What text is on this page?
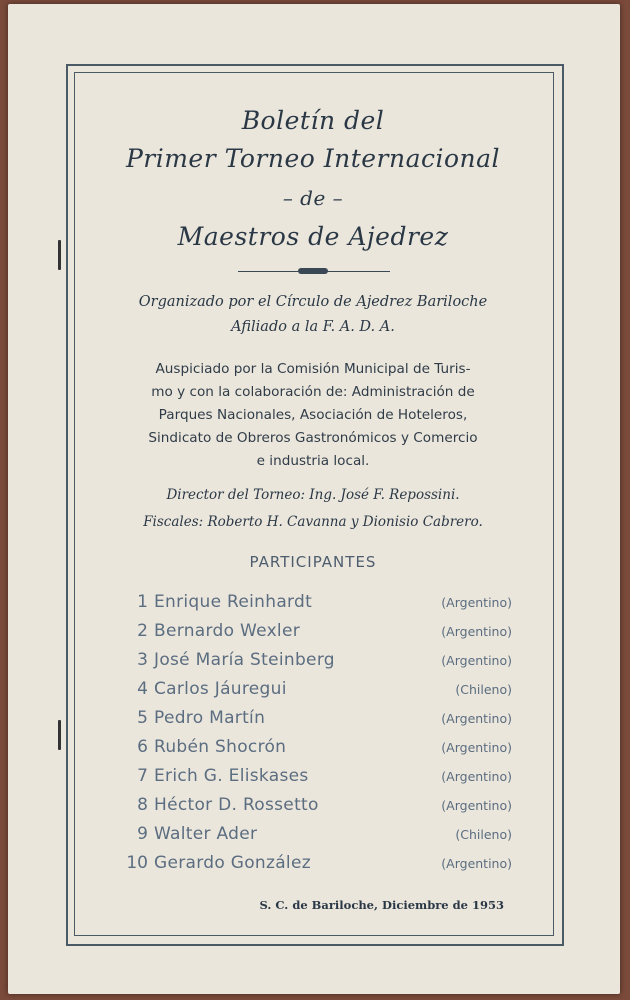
Boletín del
Primer Torneo Internacional
– de –
Maestros de Ajedrez
Organizado por el Círculo de Ajedrez Bariloche
Afiliado a la F. A. D. A.
Auspiciado por la Comisión Municipal de Turis-
mo y con la colaboración de: Administración de
Parques Nacionales, Asociación de Hoteleros,
Sindicato de Obreros Gastronómicos y Comercio
e industria local.
Director del Torneo: Ing. José F. Repossini.
Fiscales: Roberto H. Cavanna y Dionisio Cabrero.
PARTICIPANTES
1 Enrique Reinhardt	(Argentino)
2 Bernardo Wexler	(Argentino)
3 José María Steinberg	(Argentino)
4 Carlos Jáuregui	(Chileno)
5 Pedro Martín	(Argentino)
6 Rubén Shocrón	(Argentino)
7 Erich G. Eliskases	(Argentino)
8 Héctor D. Rossetto	(Argentino)
9 Walter Ader	(Chileno)
10 Gerardo González	(Argentino)
S. C. de Bariloche, Diciembre de 1953
